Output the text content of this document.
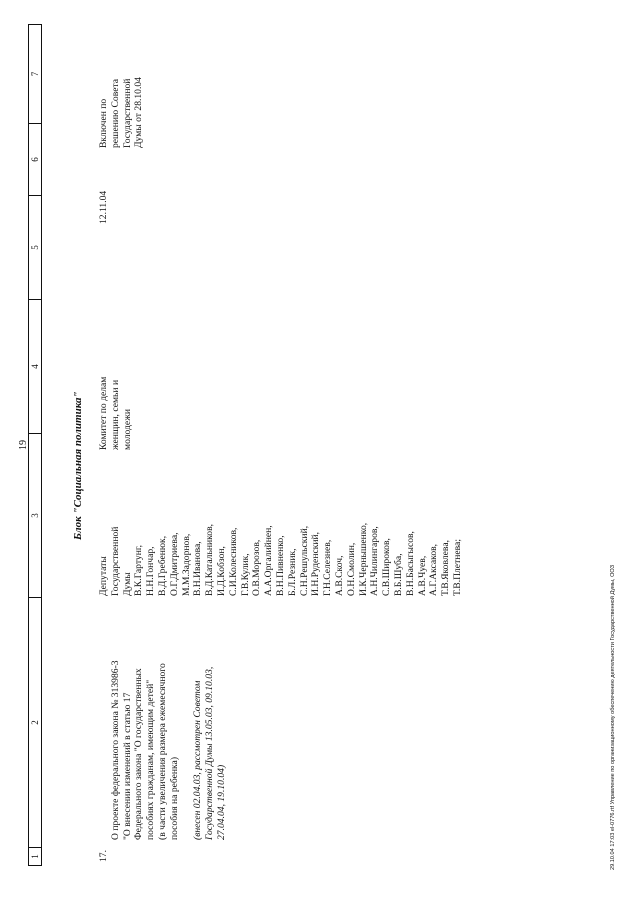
19
1
2
3
4
5
6
7
Блок "Социальная политика"
17.

О проекте федерального закона № 313986-3
"О внесении изменений в статью 17
Федерального закона "О государственных
пособиях гражданам, имеющим детей"
(в части увеличения размера ежемесячного
пособия на ребенка)

(внесен 02.04.03, рассмотрен Советом
Государственной Думы 13.05.03, 09.10.03,
27.04.04, 19.10.04)

Депутаты
Государственной
Думы
В.К.Гартунг,
Н.Н.Гончар,
В.Д.Гребенюк,
О.Г.Дмитриева,
М.М.Задорнов,
В.Н.Иванова,
В.Д.Катальников,
И.Д.Кобзон,
С.И.Колесников,
Г.В.Кулик,
О.В.Морозов,
А.А.Оргалийнен,
В.Н.Пивненко,
Б.Л.Резник,
С.Н.Решульский,
И.Н.Руденский,
Г.Н.Селезнев,
А.В.Скоч,
О.Н.Смолин,
И.К.Чернышенко,
А.Н.Чилингаров,
С.В.Широков,
В.Б.Шуба,
В.Н.Басыгысов,
А.В.Чуев,
А.Г.Аксаков,
Т.В.Яковлева,
Т.В.Плетнева;
Комитет по делам
женщин, семьи и
молодежи
12.11.04
Включен по
решению Совета
Государственной
Думы от 28.10.04
29.10.04 17:03 el-0776.rtf Управление по организационному обеспечению деятельности Государственной Думы, ООЗ
